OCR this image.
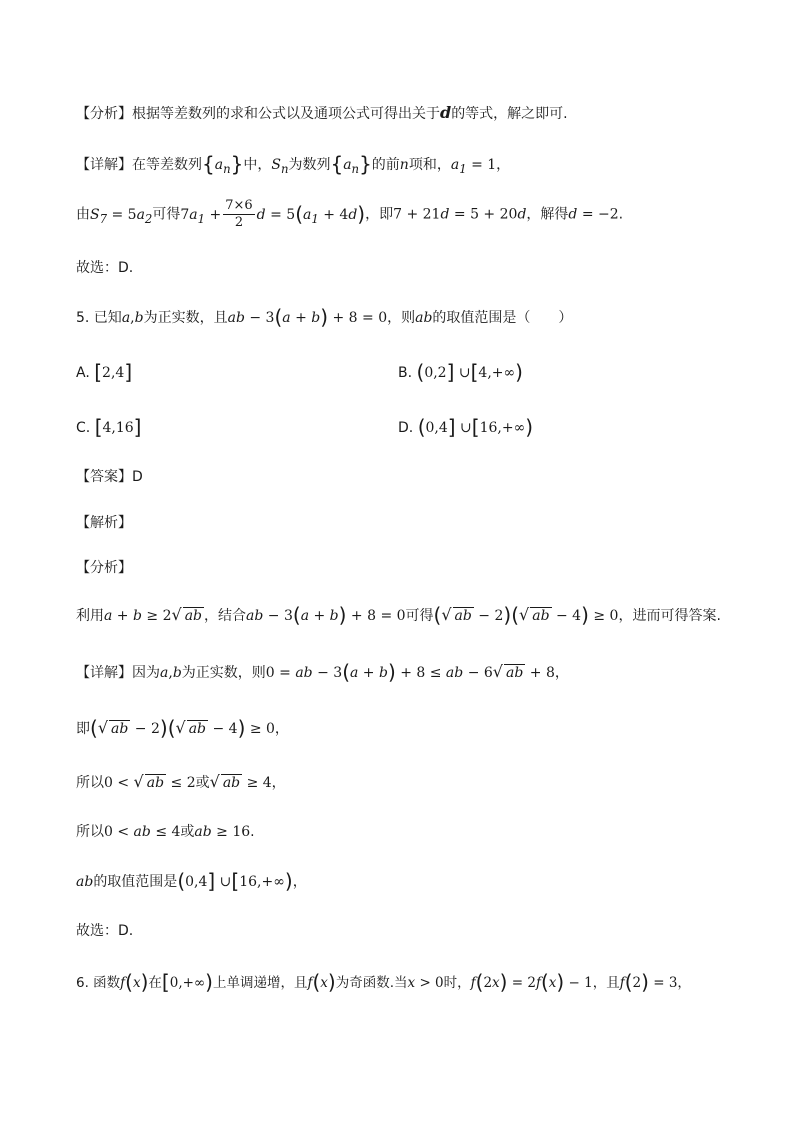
【分析】根据等差数列的求和公式以及通项公式可得出关于d的等式，解之即可.
【详解】在等差数列$\{a_n\}$中，$S_n$为数列$\{a_n\}$的前n项和，$a_1 = 1$，
由$S_7 = 5a_2$可得$7a_1 + \frac{7\times 6}{2}$ $d = 5(a_1 + 4d)$，即7 + 21d = 5 + 20d，解得d = −2.
故选：D.
5. 已知a,b为正实数，且ab − 3(a + b) + 8 = 0，则ab的取值范围是（　　）
A. [2,4]	B. (0,2] ∪[4,+∞)
C. [4,16]	D. (0,4] ∪[16,+∞)
【答案】D
【解析】
【分析】
利用a + b ≥ 2√ ab ，结合ab − 3(a + b) + 8 = 0可得(√ ab − 2)(√ ab − 4) ≥ 0，进而可得答案.
【详解】因为a,b为正实数，则0 = ab − 3(a + b) + 8 ≤ ab − 6√ ab + 8，
即(√ ab − 2)(√ ab − 4) ≥ 0，
所以0 < √ ab ≤ 2或√ ab ≥ 4，
所以0 < ab ≤ 4或ab ≥ 16.
ab的取值范围是(0,4] ∪[16,+∞)，
故选：D.
6. 函数f(x)在[0,+∞)上单调递增，且f(x)为奇函数.当x > 0时，f(2x) = 2f(x) − 1，且f(2) = 3，
